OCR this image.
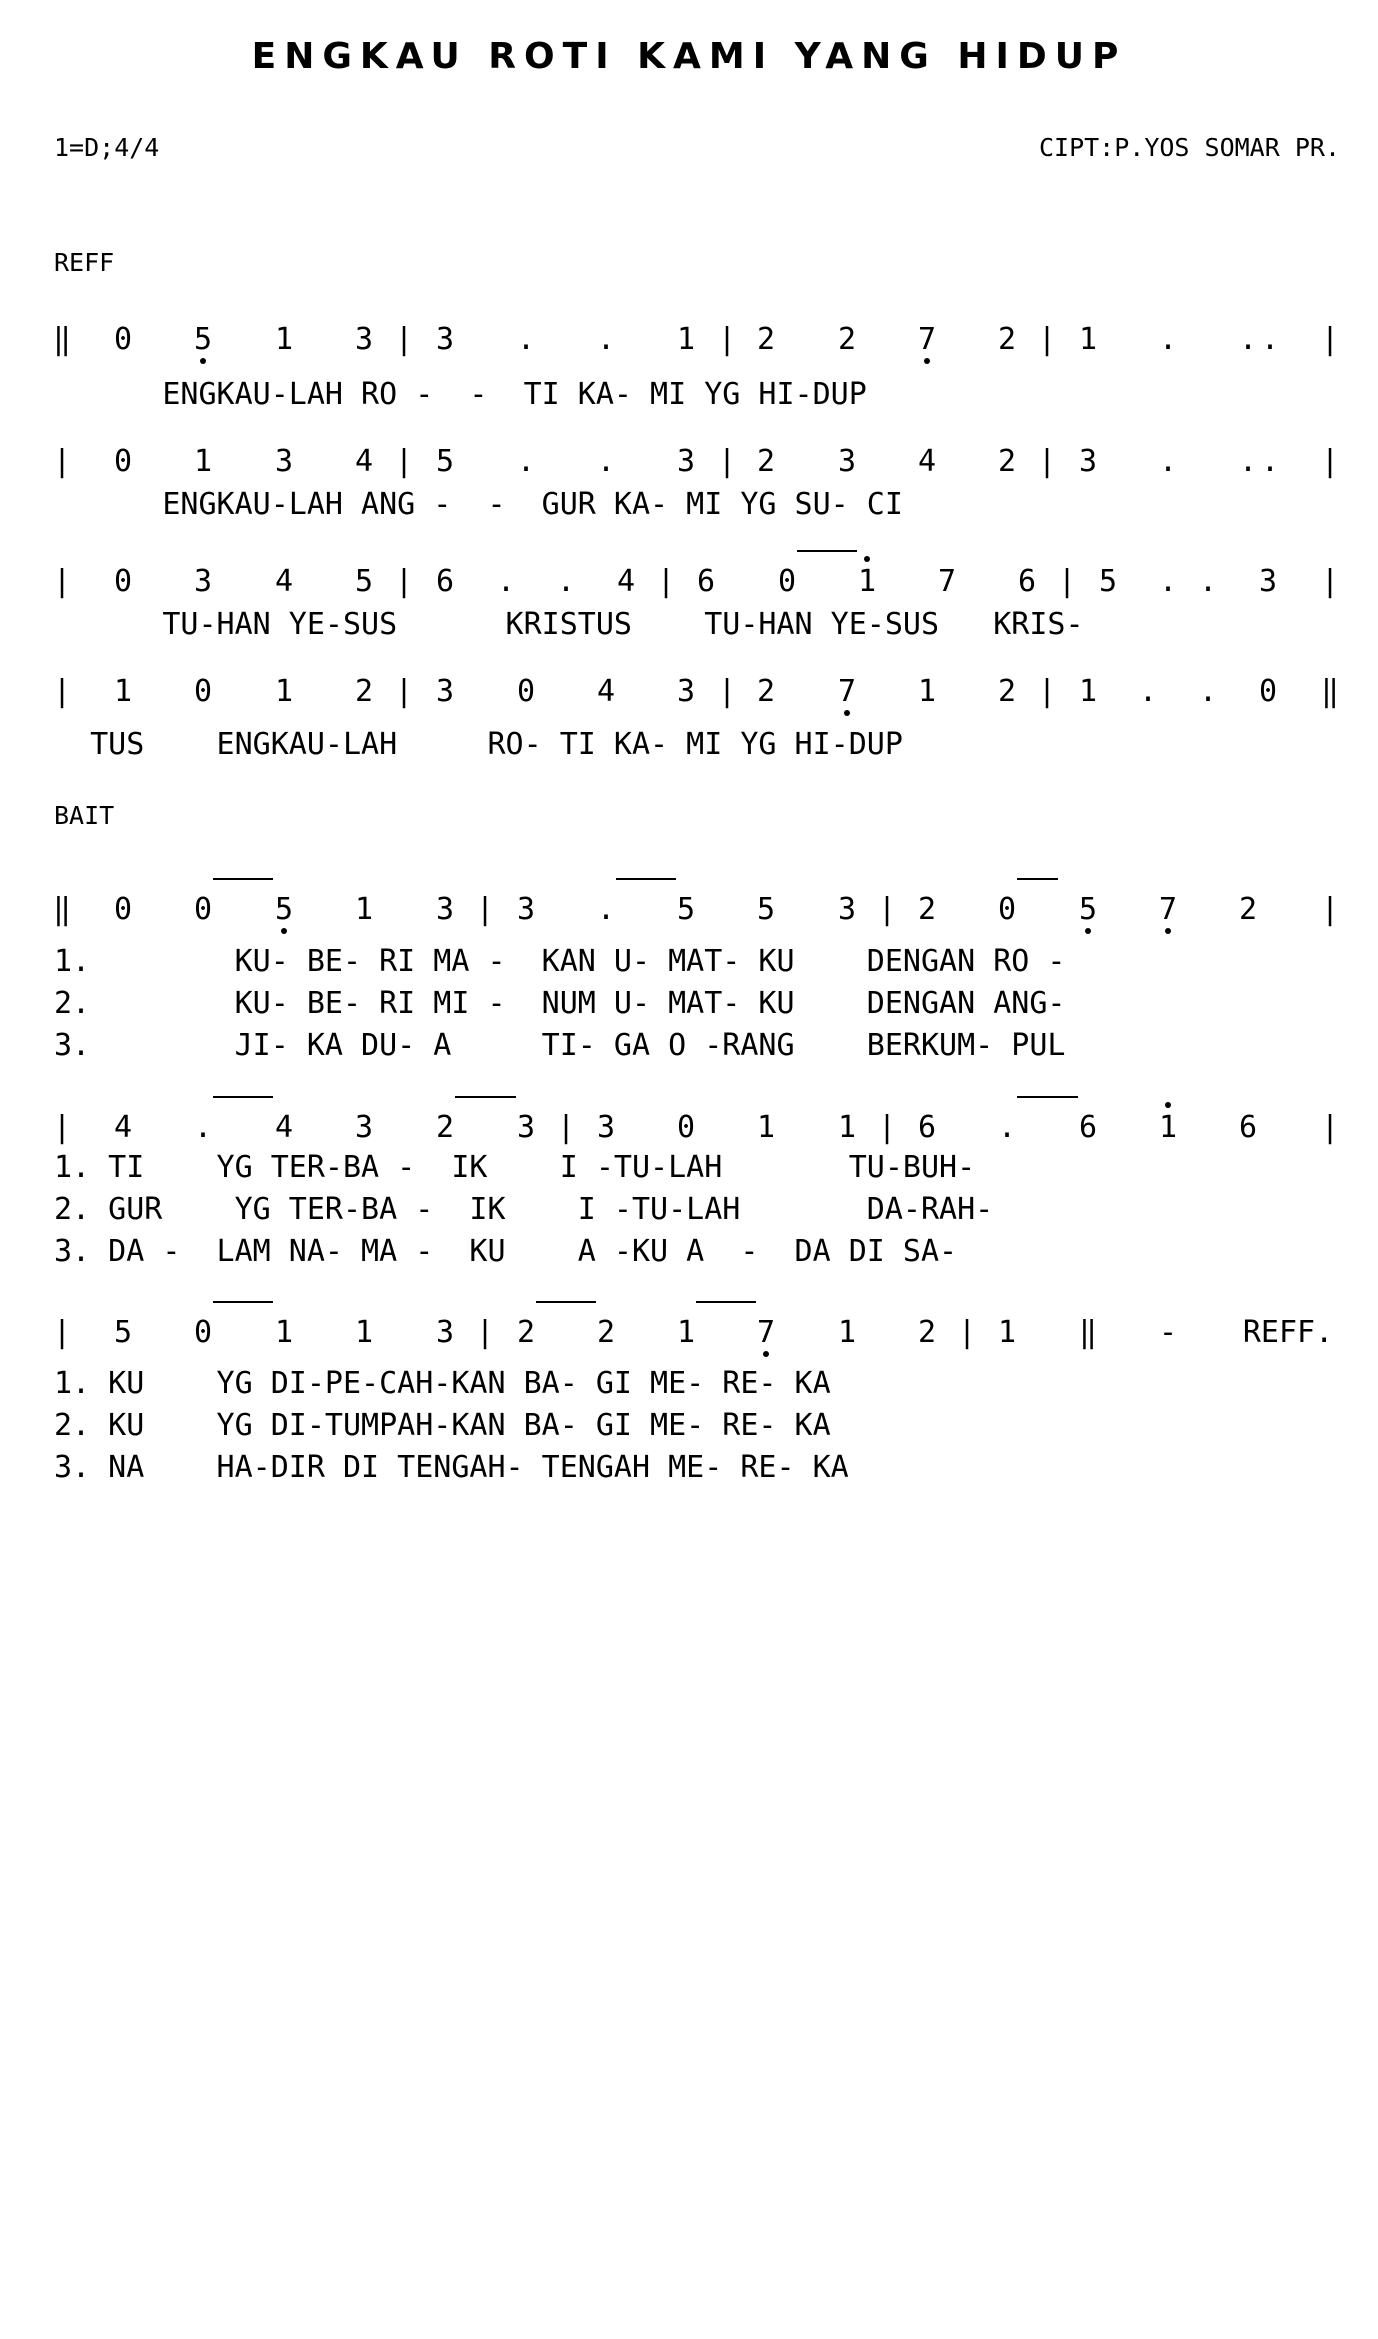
ENGKAU ROTI KAMI YANG HIDUP
1=D;4/4	CIPT:P.YOS SOMAR PR.
REFF
BAIT
‖ 0 5 1 3 | 3 . . 1 | 2 2 7 2 | 1 . . . |
| 0 1 3 4 | 5 . . 3 | 2 3 4 2 | 3 . . . |
| 0 3 4 5 | 6 . . 4 | 6 0 1 7 6 | 5 . . 3 |
| 1 0 1 2 | 3 0 4 3 | 2 7 1 2 | 1 . . 0 ‖
‖ 0 0 5 1 3 | 3 . 5 5 3 | 2 0 5 7 2 |
| 4 . 4 3 2 3 | 3 0 1 1 | 6 . 6 1 6 |
| 5 0 1 1 3 | 2 2 1 7 1 2 | 1 ‖ - REFF.
ENGKAU-LAH RO -  -  TI KA- MI YG HI-DUP
ENGKAU-LAH ANG -  -  GUR KA- MI YG SU- CI
TU-HAN YE-SUS      KRISTUS    TU-HAN YE-SUS   KRIS-
TUS    ENGKAU-LAH     RO- TI KA- MI YG HI-DUP
1.        KU- BE- RI MA -  KAN U- MAT- KU    DENGAN RO -
2.        KU- BE- RI MI -  NUM U- MAT- KU    DENGAN ANG-
3.        JI- KA DU- A     TI- GA O -RANG    BERKUM- PUL
1. TI    YG TER-BA -  IK    I -TU-LAH       TU-BUH-
2. GUR    YG TER-BA -  IK    I -TU-LAH       DA-RAH-
3. DA -  LAM NA- MA -  KU    A -KU A  -  DA DI SA-
1. KU    YG DI-PE-CAH-KAN BA- GI ME- RE- KA
2. KU    YG DI-TUMPAH-KAN BA- GI ME- RE- KA
3. NA    HA-DIR DI TENGAH- TENGAH ME- RE- KA
